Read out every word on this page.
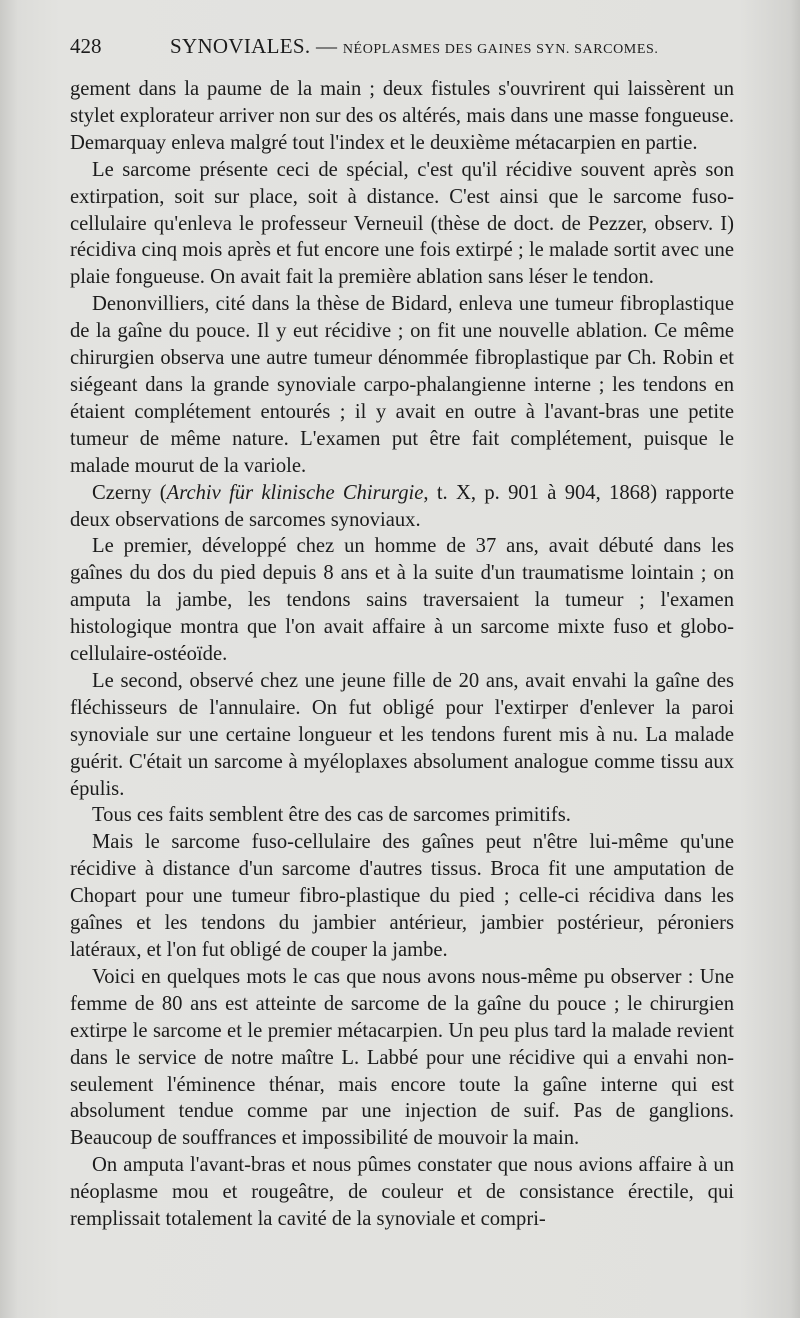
428	SYNOVIALES. — NÉOPLASMES DES GAINES SYN. SARCOMES.

gement dans la paume de la main ; deux fistules s'ouvrirent qui laissèrent un stylet explorateur arriver non sur des os altérés, mais dans une masse fongueuse. Demarquay enleva malgré tout l'index et le deuxième métacarpien en partie.

Le sarcome présente ceci de spécial, c'est qu'il récidive souvent après son extirpation, soit sur place, soit à distance. C'est ainsi que le sarcome fuso-cellulaire qu'enleva le professeur Verneuil (thèse de doct. de Pezzer, observ. I) récidiva cinq mois après et fut encore une fois extirpé ; le malade sortit avec une plaie fongueuse. On avait fait la première ablation sans léser le tendon.

Denonvilliers, cité dans la thèse de Bidard, enleva une tumeur fibroplastique de la gaîne du pouce. Il y eut récidive ; on fit une nouvelle ablation. Ce même chirurgien observa une autre tumeur dénommée fibroplastique par Ch. Robin et siégeant dans la grande synoviale carpo-phalangienne interne ; les tendons en étaient complétement entourés ; il y avait en outre à l'avant-bras une petite tumeur de même nature. L'examen put être fait complétement, puisque le malade mourut de la variole.

Czerny (Archiv für klinische Chirurgie, t. X, p. 901 à 904, 1868) rapporte deux observations de sarcomes synoviaux.

Le premier, développé chez un homme de 37 ans, avait débuté dans les gaînes du dos du pied depuis 8 ans et à la suite d'un traumatisme lointain ; on amputa la jambe, les tendons sains traversaient la tumeur ; l'examen histologique montra que l'on avait affaire à un sarcome mixte fuso et globo-cellulaire-ostéoïde.

Le second, observé chez une jeune fille de 20 ans, avait envahi la gaîne des fléchisseurs de l'annulaire. On fut obligé pour l'extirper d'enlever la paroi synoviale sur une certaine longueur et les tendons furent mis à nu. La malade guérit. C'était un sarcome à myéloplaxes absolument analogue comme tissu aux épulis.

Tous ces faits semblent être des cas de sarcomes primitifs.

Mais le sarcome fuso-cellulaire des gaînes peut n'être lui-même qu'une récidive à distance d'un sarcome d'autres tissus. Broca fit une amputation de Chopart pour une tumeur fibro-plastique du pied ; celle-ci récidiva dans les gaînes et les tendons du jambier antérieur, jambier postérieur, péroniers latéraux, et l'on fut obligé de couper la jambe.

Voici en quelques mots le cas que nous avons nous-même pu observer : Une femme de 80 ans est atteinte de sarcome de la gaîne du pouce ; le chirurgien extirpe le sarcome et le premier métacarpien. Un peu plus tard la malade revient dans le service de notre maître L. Labbé pour une récidive qui a envahi non-seulement l'éminence thénar, mais encore toute la gaîne interne qui est absolument tendue comme par une injection de suif. Pas de ganglions. Beaucoup de souffrances et impossibilité de mouvoir la main.

On amputa l'avant-bras et nous pûmes constater que nous avions affaire à un néoplasme mou et rougeâtre, de couleur et de consistance érectile, qui remplissait totalement la cavité de la synoviale et compri-
